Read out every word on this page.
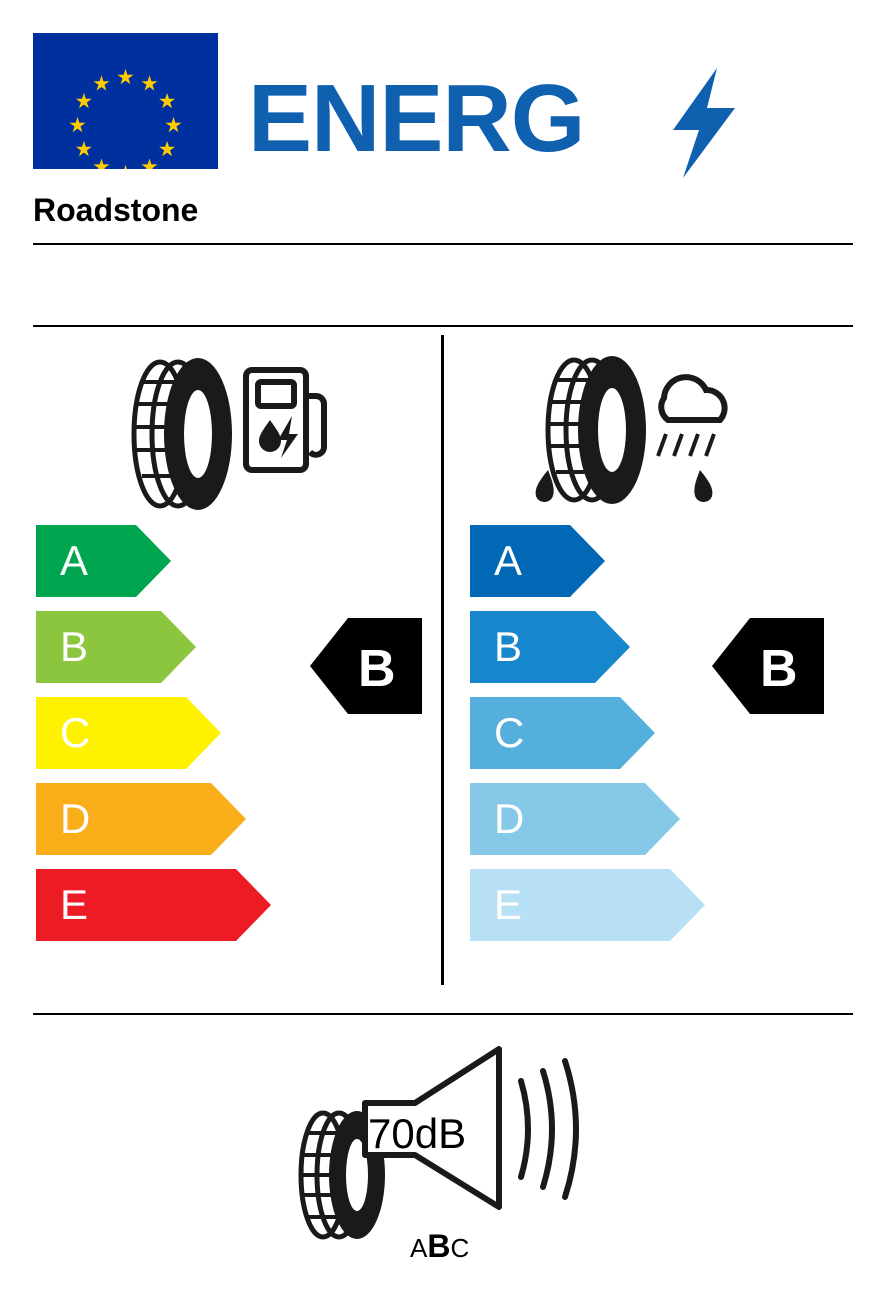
ENERG
Roadstone
A
B
C
D
E
A
B
C
D
E
B	B
70dB
ABC
